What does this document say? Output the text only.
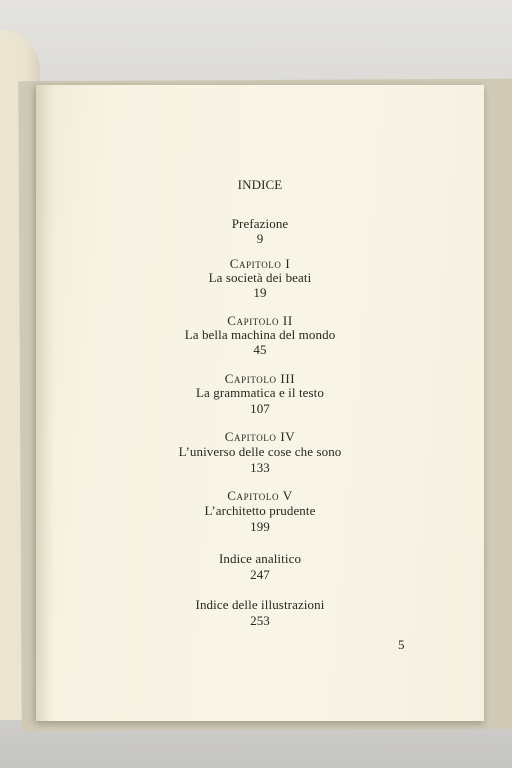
INDICE
Prefazione
9
Capitolo I
La società dei beati
19
Capitolo II
La bella machina del mondo
45
Capitolo III
La grammatica e il testo
107
Capitolo IV
L’universo delle cose che sono
133
Capitolo V
L’architetto prudente
199
Indice analitico
247
Indice delle illustrazioni
253
5
